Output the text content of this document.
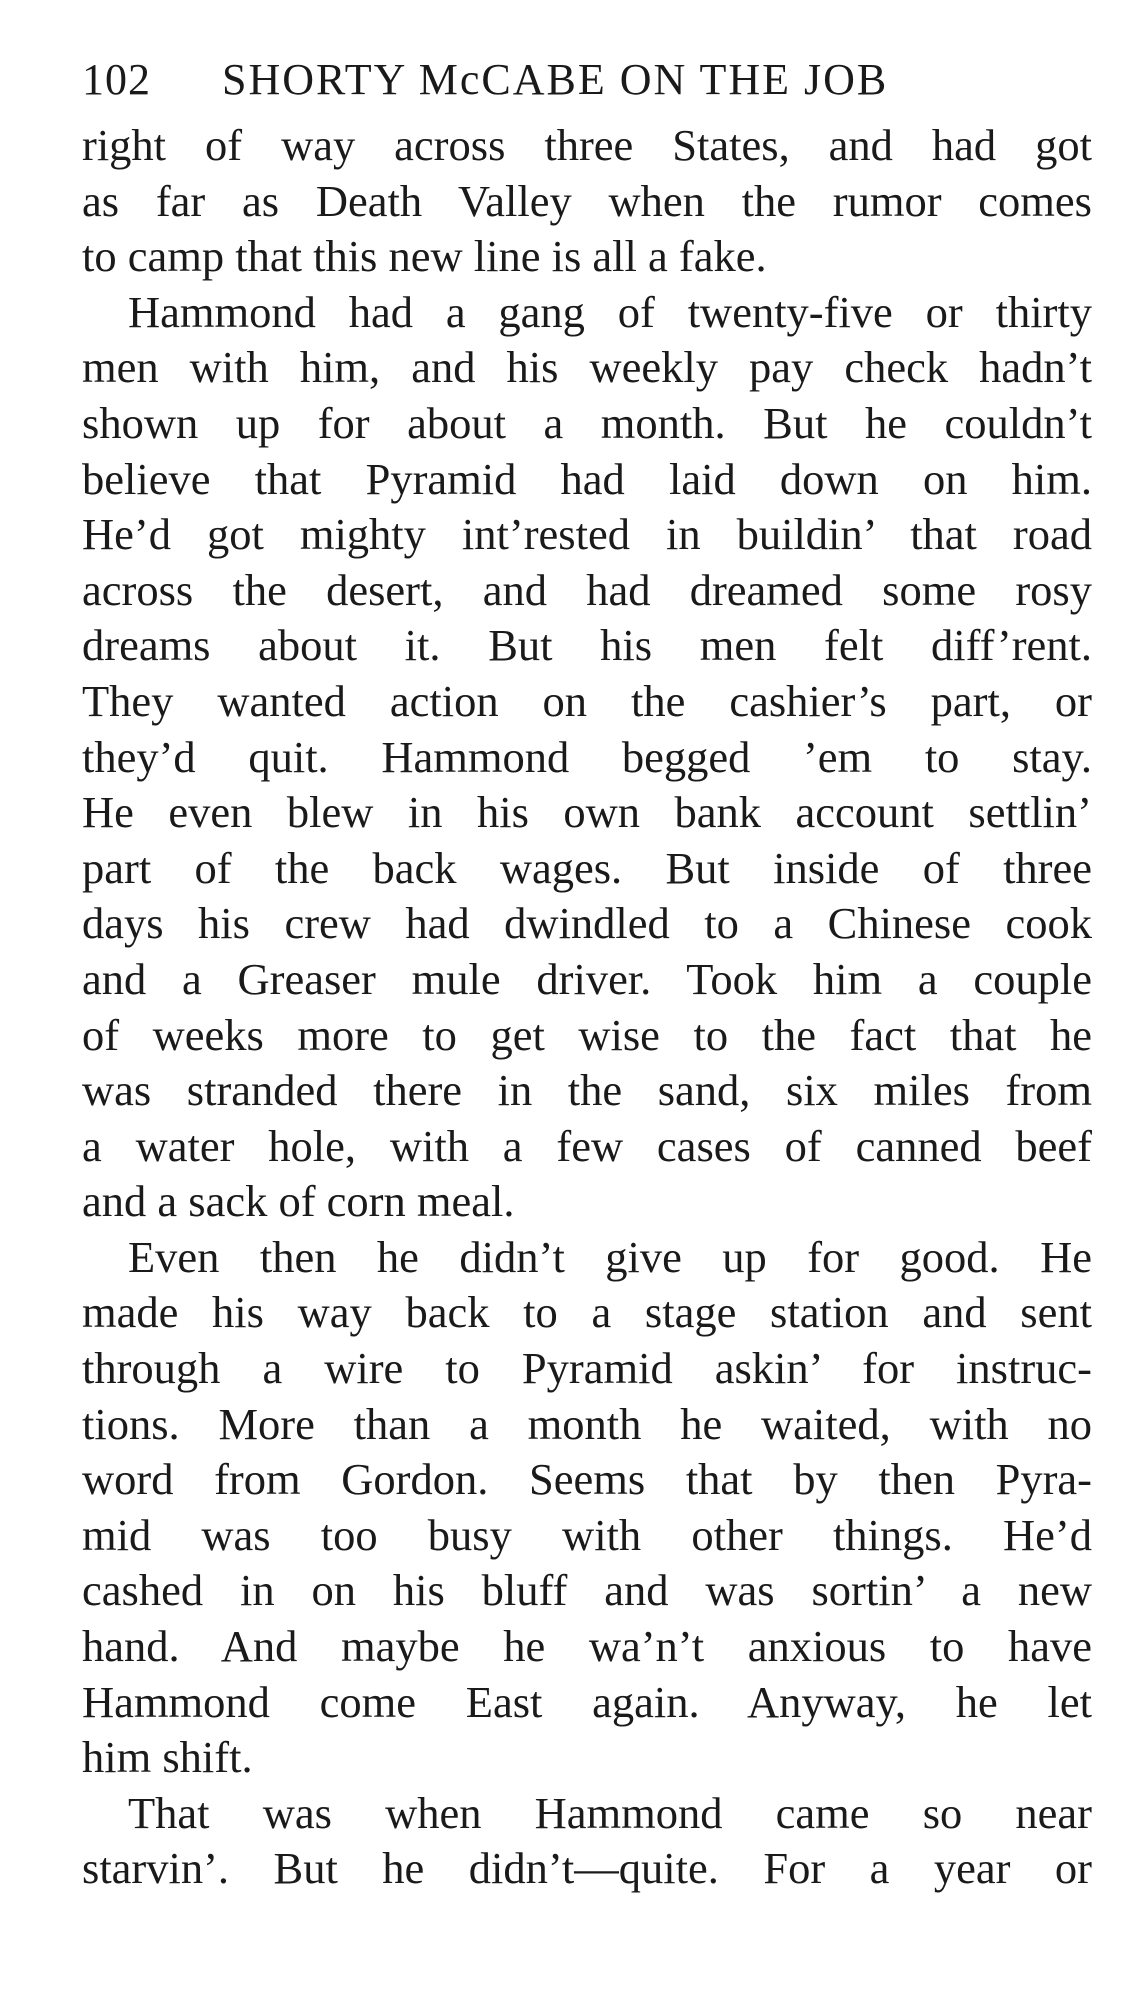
102	SHORTY McCABE ON THE JOB
right of way across three States, and had got
as far as Death Valley when the rumor comes
to camp that this new line is all a fake.
Hammond had a gang of twenty-five or thirty
men with him, and his weekly pay check hadn’t
shown up for about a month. But he couldn’t
believe that Pyramid had laid down on him.
He’d got mighty int’rested in buildin’ that road
across the desert, and had dreamed some rosy
dreams about it. But his men felt diff’rent.
They wanted action on the cashier’s part, or
they’d quit. Hammond begged ’em to stay.
He even blew in his own bank account settlin’
part of the back wages. But inside of three
days his crew had dwindled to a Chinese cook
and a Greaser mule driver. Took him a couple
of weeks more to get wise to the fact that he
was stranded there in the sand, six miles from
a water hole, with a few cases of canned beef
and a sack of corn meal.
Even then he didn’t give up for good. He
made his way back to a stage station and sent
through a wire to Pyramid askin’ for instruc-
tions. More than a month he waited, with no
word from Gordon. Seems that by then Pyra-
mid was too busy with other things. He’d
cashed in on his bluff and was sortin’ a new
hand. And maybe he wa’n’t anxious to have
Hammond come East again. Anyway, he let
him shift.
That was when Hammond came so near
starvin’. But he didn’t—quite. For a year or
